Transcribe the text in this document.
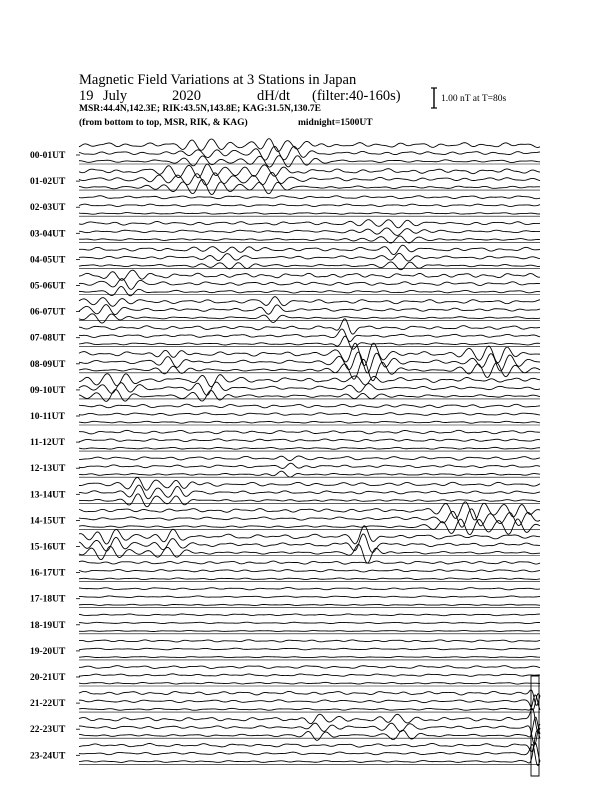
Magnetic Field Variations at 3 Stations in Japan
19 July	2020	dH/dt (filter:40-160s)
MSR:44.4N,142.3E; RIK:43.5N,143.8E; KAG:31.5N,130.7E
(from bottom to top, MSR, RIK, & KAG)	midnight=1500UT
1.00 nT at T=80s
00-01UT
01-02UT
02-03UT
03-04UT
04-05UT
05-06UT
06-07UT
07-08UT
08-09UT
09-10UT
10-11UT
11-12UT
12-13UT
13-14UT
14-15UT
15-16UT
16-17UT
17-18UT
18-19UT
19-20UT
20-21UT
21-22UT
22-23UT
23-24UT
